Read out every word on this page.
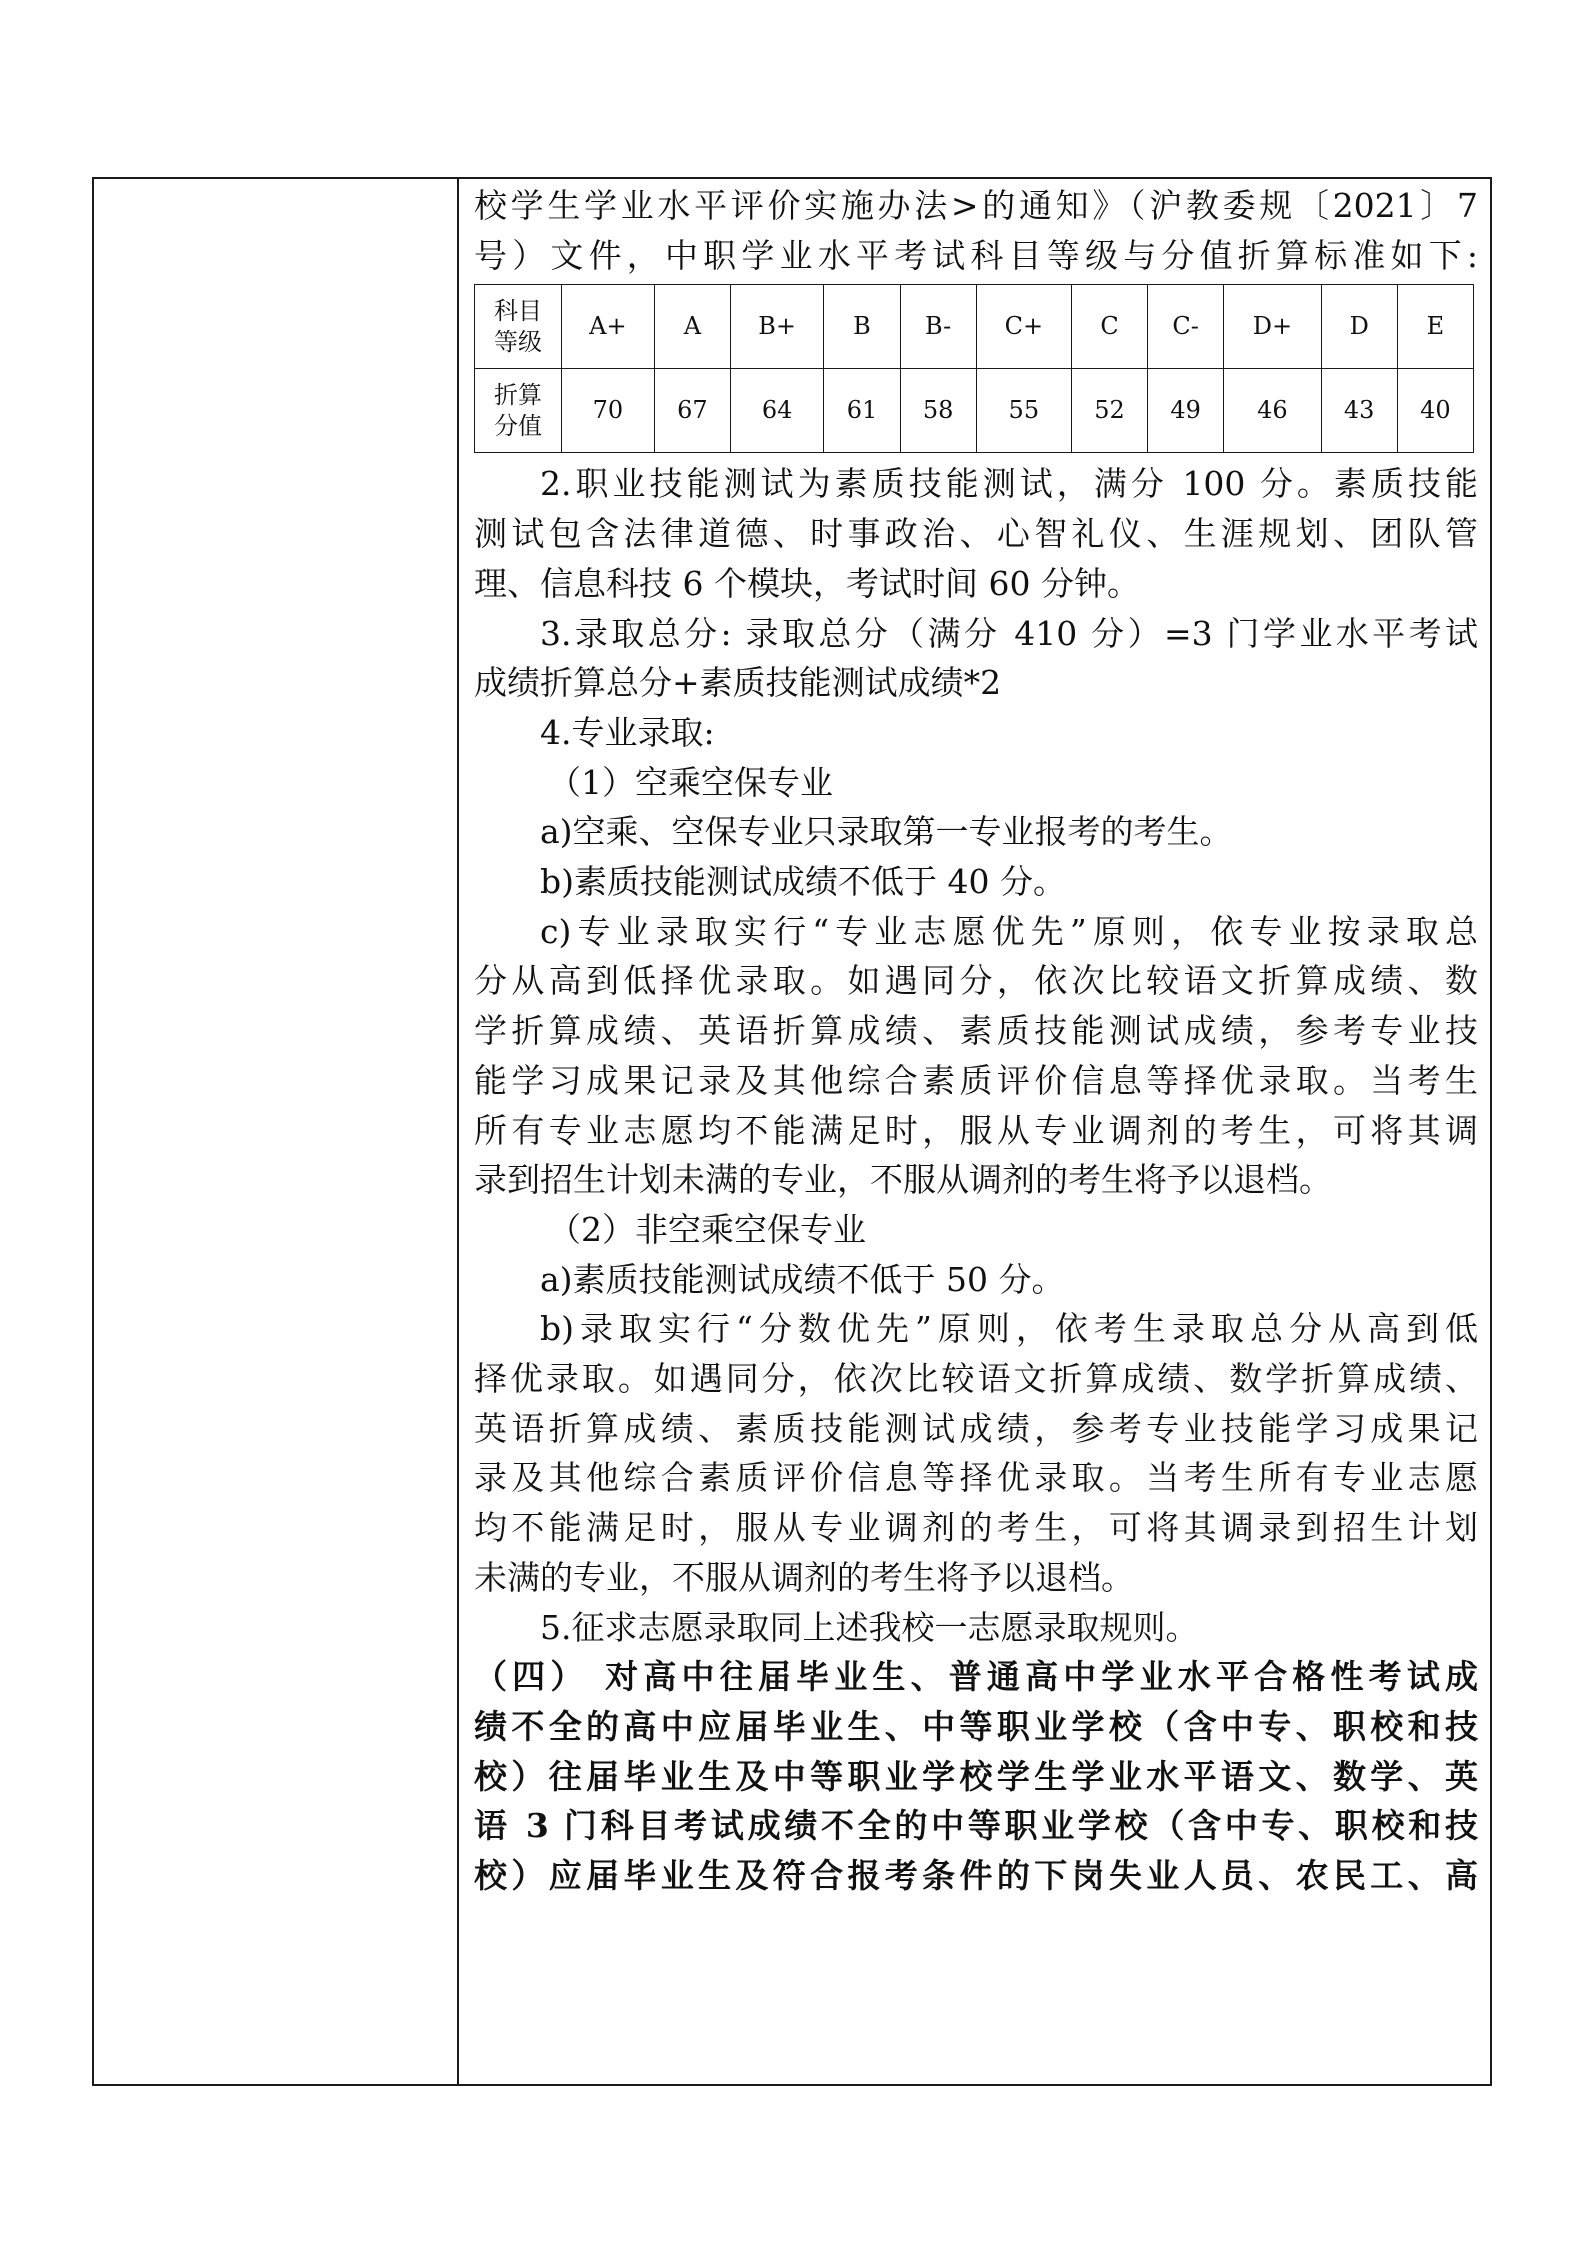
校学生学业水平评价实施办法>的通知》（沪教委规〔2021〕7

号）文件，中职学业水平考试科目等级与分值折算标准如下:

科目
等级	A+	A	B+	B	B-	C+	C	C-	D+	D	E

折算
分值	70	67	64	61	58	55	52	49	46	43	40

2.职业技能测试为素质技能测试，满分 100 分。素质技能

测试包含法律道德、时事政治、心智礼仪、生涯规划、团队管

理、信息科技 6 个模块，考试时间 60 分钟。

3.录取总分: 录取总分（满分 410 分）=3 门学业水平考试

成绩折算总分+素质技能测试成绩*2

4.专业录取:

（1）空乘空保专业

a)空乘、空保专业只录取第一专业报考的考生。

b)素质技能测试成绩不低于 40 分。

c)专业录取实行“专业志愿优先”原则，依专业按录取总

分从高到低择优录取。如遇同分，依次比较语文折算成绩、数

学折算成绩、英语折算成绩、素质技能测试成绩，参考专业技

能学习成果记录及其他综合素质评价信息等择优录取。当考生

所有专业志愿均不能满足时，服从专业调剂的考生，可将其调

录到招生计划未满的专业，不服从调剂的考生将予以退档。

（2）非空乘空保专业

a)素质技能测试成绩不低于 50 分。

b)录取实行“分数优先”原则，依考生录取总分从高到低

择优录取。如遇同分，依次比较语文折算成绩、数学折算成绩、

英语折算成绩、素质技能测试成绩，参考专业技能学习成果记

录及其他综合素质评价信息等择优录取。当考生所有专业志愿

均不能满足时，服从专业调剂的考生，可将其调录到招生计划

未满的专业，不服从调剂的考生将予以退档。

5.征求志愿录取同上述我校一志愿录取规则。

（四） 对高中往届毕业生、普通高中学业水平合格性考试成

绩不全的高中应届毕业生、中等职业学校（含中专、职校和技

校）往届毕业生及中等职业学校学生学业水平语文、数学、英

语 3 门科目考试成绩不全的中等职业学校（含中专、职校和技

校）应届毕业生及符合报考条件的下岗失业人员、农民工、高
